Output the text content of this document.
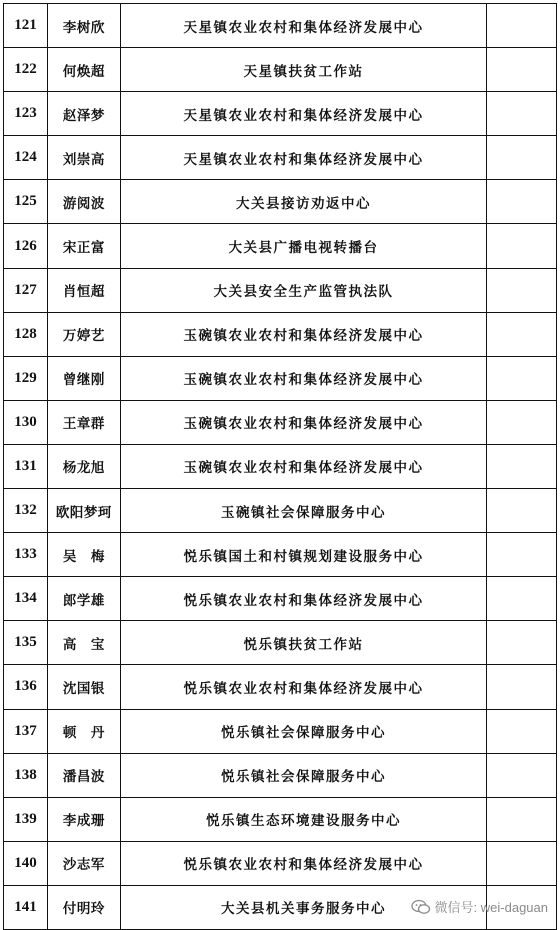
121	李树欣	天星镇农业农村和集体经济发展中心
122	何焕超	天星镇扶贫工作站
123	赵泽梦	天星镇农业农村和集体经济发展中心
124	刘崇高	天星镇农业农村和集体经济发展中心
125	游阅波	大关县接访劝返中心
126	宋正富	大关县广播电视转播台
127	肖恒超	大关县安全生产监管执法队
128	万婷艺	玉碗镇农业农村和集体经济发展中心
129	曾继刚	玉碗镇农业农村和集体经济发展中心
130	王章群	玉碗镇农业农村和集体经济发展中心
131	杨龙旭	玉碗镇农业农村和集体经济发展中心
132	欧阳梦珂	玉碗镇社会保障服务中心
133	吴　梅	悦乐镇国土和村镇规划建设服务中心
134	郎学雄	悦乐镇农业农村和集体经济发展中心
135	高　宝	悦乐镇扶贫工作站
136	沈国银	悦乐镇农业农村和集体经济发展中心
137	顿　丹	悦乐镇社会保障服务中心
138	潘昌波	悦乐镇社会保障服务中心
139	李成珊	悦乐镇生态环境建设服务中心
140	沙志军	悦乐镇农业农村和集体经济发展中心
141	付明玲	大关县机关事务服务中心	微信号: wei-daguan
